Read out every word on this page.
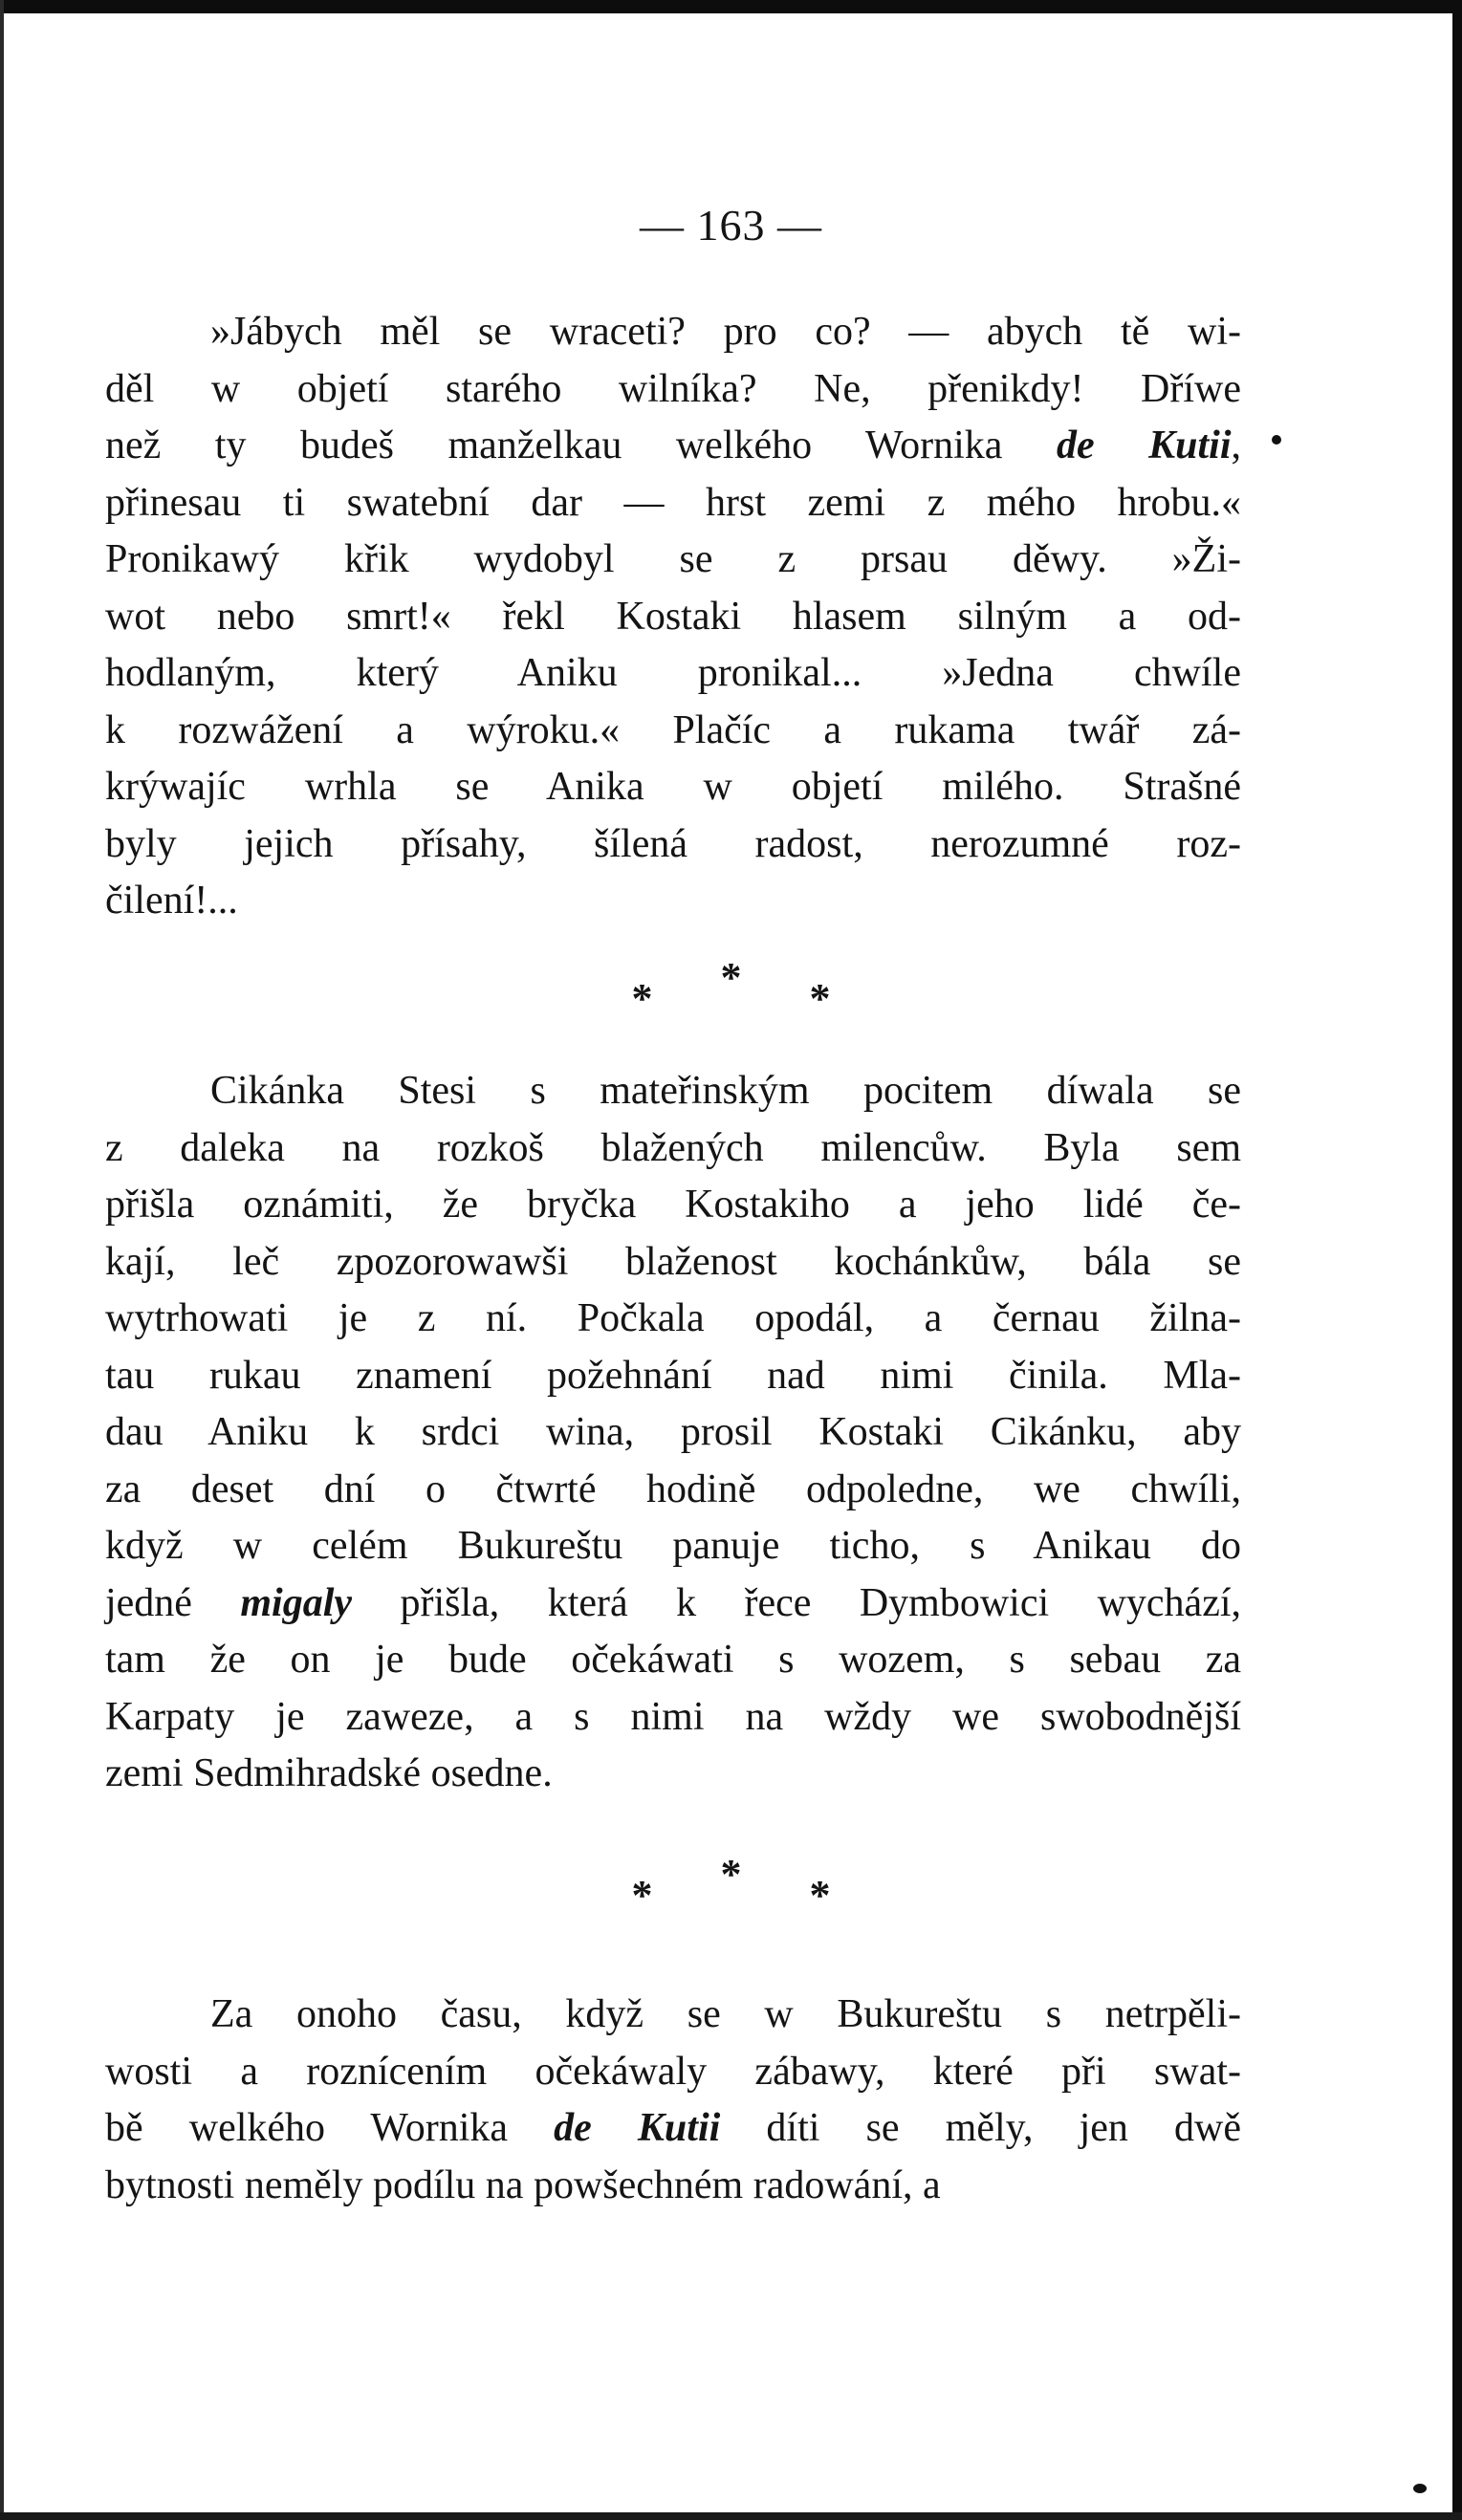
— 163 —
»Jábych měl se wraceti? pro co? — abych tě wi-
děl w objetí starého wilníka? Ne, přenikdy! Dříwe
než ty budeš manželkau welkého Wornika de Kutii,
přinesau ti swatební dar — hrst zemi z mého hrobu.«
Pronikawý křik wydobyl se z prsau děwy. »Ži-
wot nebo smrt!« řekl Kostaki hlasem silným a od-
hodlaným, který Aniku pronikal... »Jedna chwíle
k rozwážení a wýroku.« Plačíc a rukama twář zá-
krýwajíc wrhla se Anika w objetí milého. Strašné
byly jejich přísahy, šílená radost, nerozumné roz-
čilení!...
* * *
Cikánka Stesi s mateřinským pocitem díwala se
z daleka na rozkoš blažených milencůw. Byla sem
přišla oznámiti, že bryčka Kostakiho a jeho lidé če-
kají, leč zpozorowawši blaženost kochánkůw, bála se
wytrhowati je z ní. Počkala opodál, a černau žilna-
tau rukau znamení požehnání nad nimi činila. Mla-
dau Aniku k srdci wina, prosil Kostaki Cikánku, aby
za deset dní o čtwrté hodině odpoledne, we chwíli,
když w celém Bukureštu panuje ticho, s Anikau do
jedné migaly přišla, která k řece Dymbowici wychází,
tam že on je bude očekáwati s wozem, s sebau za
Karpaty je zaweze, a s nimi na wždy we swobodnější
zemi Sedmihradské osedne.
* * *
Za onoho času, když se w Bukureštu s netrpěli-
wosti a roznícením očekáwaly zábawy, které při swat-
bě welkého Wornika de Kutii díti se měly, jen dwě
bytnosti neměly podílu na powšechném radowání, a
